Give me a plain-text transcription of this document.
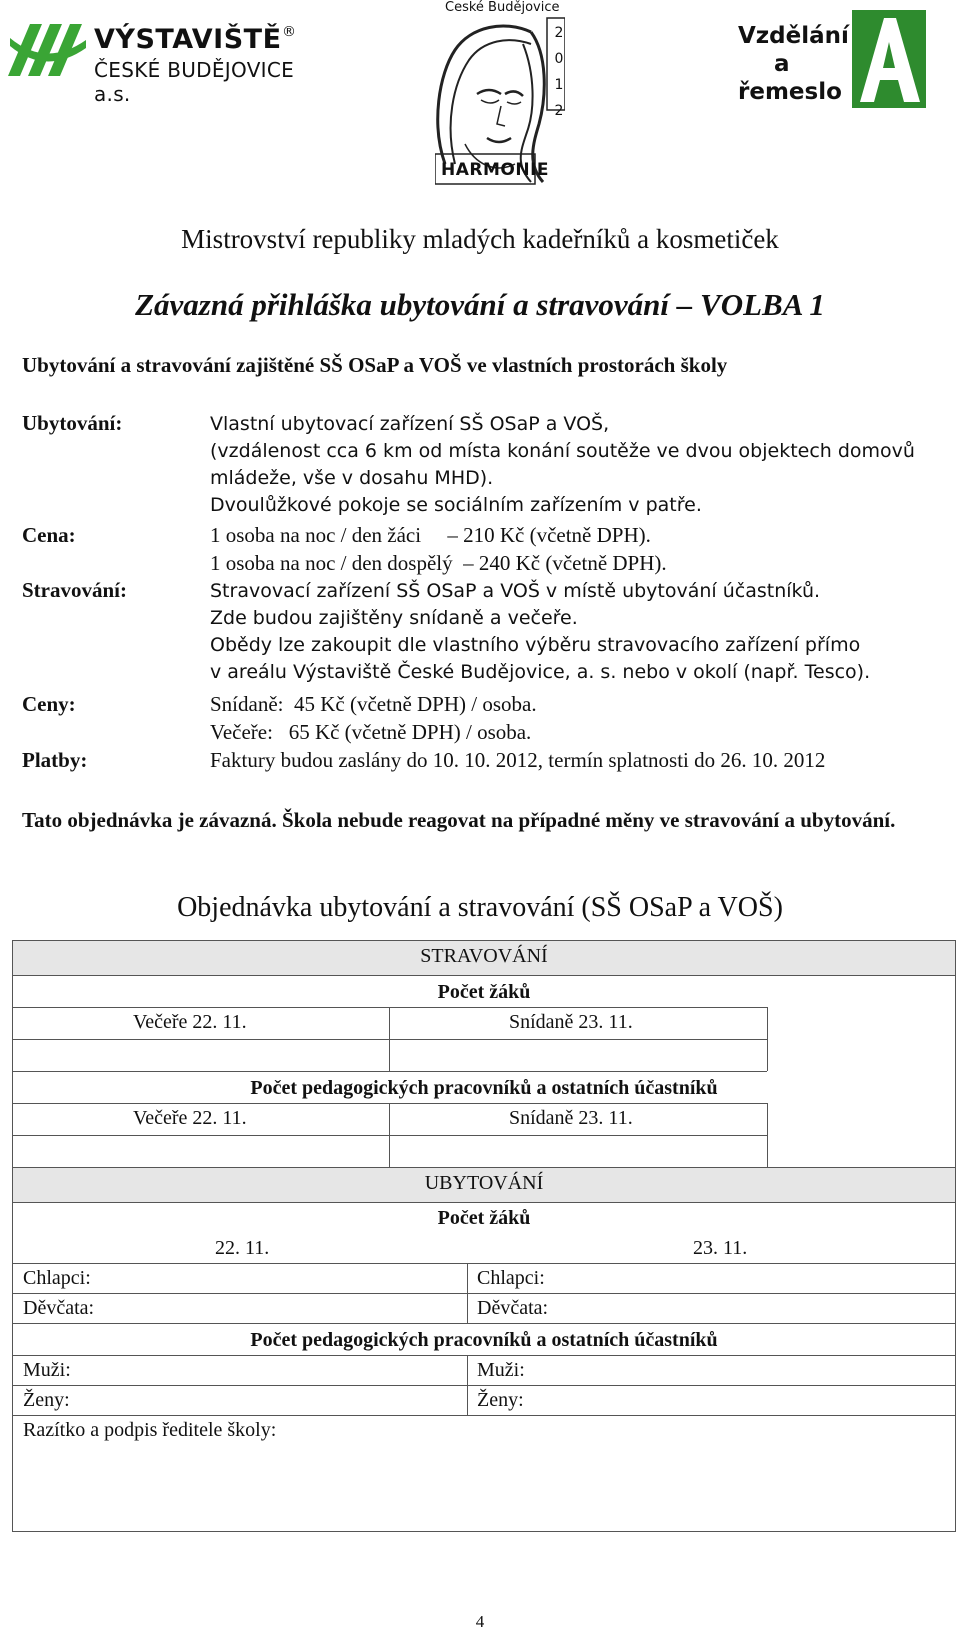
VÝSTAVIŠTĚ ®
ČESKÉ BUDĚJOVICE a.s.
České Budějovice
2
0
1
2
HARMONIE
Vzdělání
a
řemeslo
Mistrovství republiky mladých kadeřníků a kosmetiček
Závazná přihláška ubytování a stravování – VOLBA 1
Ubytování a stravování zajištěné SŠ OSaP a VOŠ ve vlastních prostorách školy
Ubytování:	Vlastní ubytovací zařízení SŠ OSaP a VOŠ,
(vzdálenost cca 6 km od místa konání soutěže ve dvou objektech domovů
mládeže, vše v dosahu MHD).
Dvoulůžkové pokoje se sociálním zařízením v patře.
Cena:	1 osoba na noc / den žáci     – 210 Kč (včetně DPH).
1 osoba na noc / den dospělý  – 240 Kč (včetně DPH).
Stravování:	Stravovací zařízení SŠ OSaP a VOŠ v místě ubytování účastníků.
Zde budou zajištěny snídaně a večeře.
Obědy lze zakoupit dle vlastního výběru stravovacího zařízení přímo
v areálu Výstaviště České Budějovice, a. s. nebo v okolí (např. Tesco).
Ceny:	Snídaně:  45 Kč (včetně DPH) / osoba.
Večeře:   65 Kč (včetně DPH) / osoba.
Platby:	Faktury budou zaslány do 10. 10. 2012, termín splatnosti do 26. 10. 2012
Tato objednávka je závazná. Škola nebude reagovat na případné měny ve stravování a ubytování.
Objednávka ubytování a stravování (SŠ OSaP a VOŠ)
STRAVOVÁNÍ
Počet žáků
Večeře 22. 11.	Snídaně 23. 11.
Počet pedagogických pracovníků a ostatních účastníků
Večeře 22. 11.	Snídaně 23. 11.
UBYTOVÁNÍ
Počet žáků
22. 11.	23. 11.
Chlapci:	Chlapci:
Děvčata:	Děvčata:
Počet pedagogických pracovníků a ostatních účastníků
Muži:	Muži:
Ženy:	Ženy:
Razítko a podpis ředitele školy:
4
